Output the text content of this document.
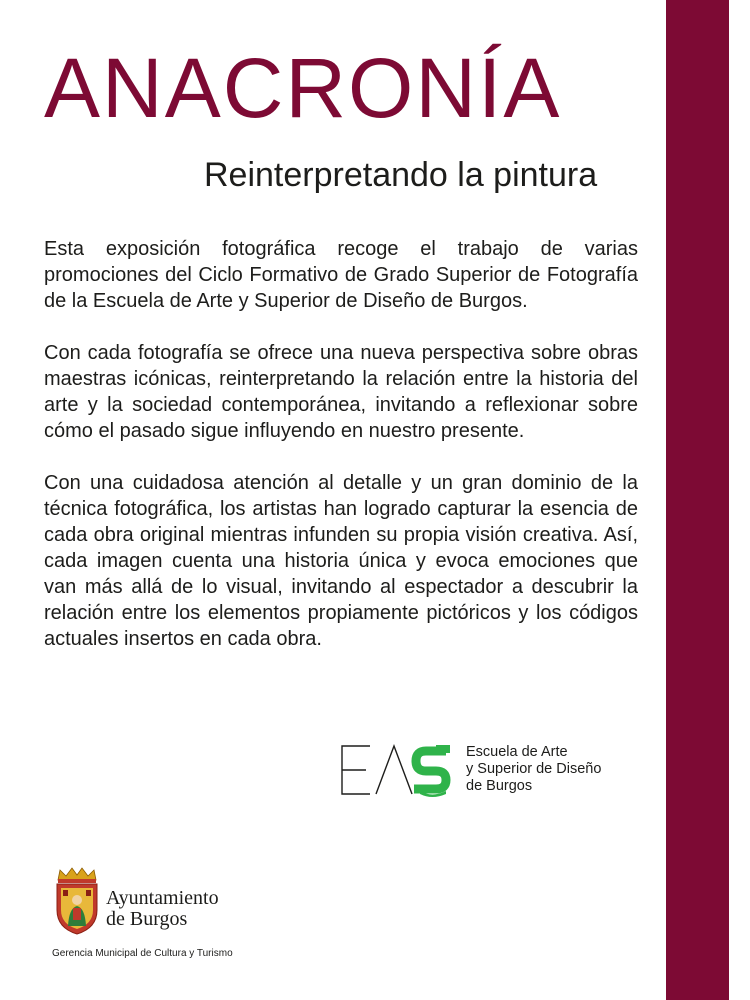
ANACRONÍA
Reinterpretando la pintura

Esta exposición fotográfica recoge el trabajo de varias promociones del Ciclo Formativo de Grado Superior de Fotografía de la Escuela de Arte y Superior de Diseño de Burgos.

Con cada fotografía se ofrece una nueva perspectiva sobre obras maestras icónicas, reinterpretando la relación entre la historia del arte y la sociedad contemporánea, invitando a reflexionar sobre cómo el pasado sigue influyendo en nuestro presente.

Con una cuidadosa atención al detalle y un gran dominio de la técnica fotográfica, los artistas han logrado capturar la esencia de cada obra original mientras infunden su propia visión creativa. Así, cada imagen cuenta una historia única y evoca emociones que van más allá de lo visual, invitando al espectador a descubrir la relación entre los elementos propiamente pictóricos y los códigos actuales insertos en cada obra.

Escuela de Arte
y Superior de Diseño
de Burgos
Ayuntamiento
de Burgos
Gerencia Municipal de Cultura y Turismo
